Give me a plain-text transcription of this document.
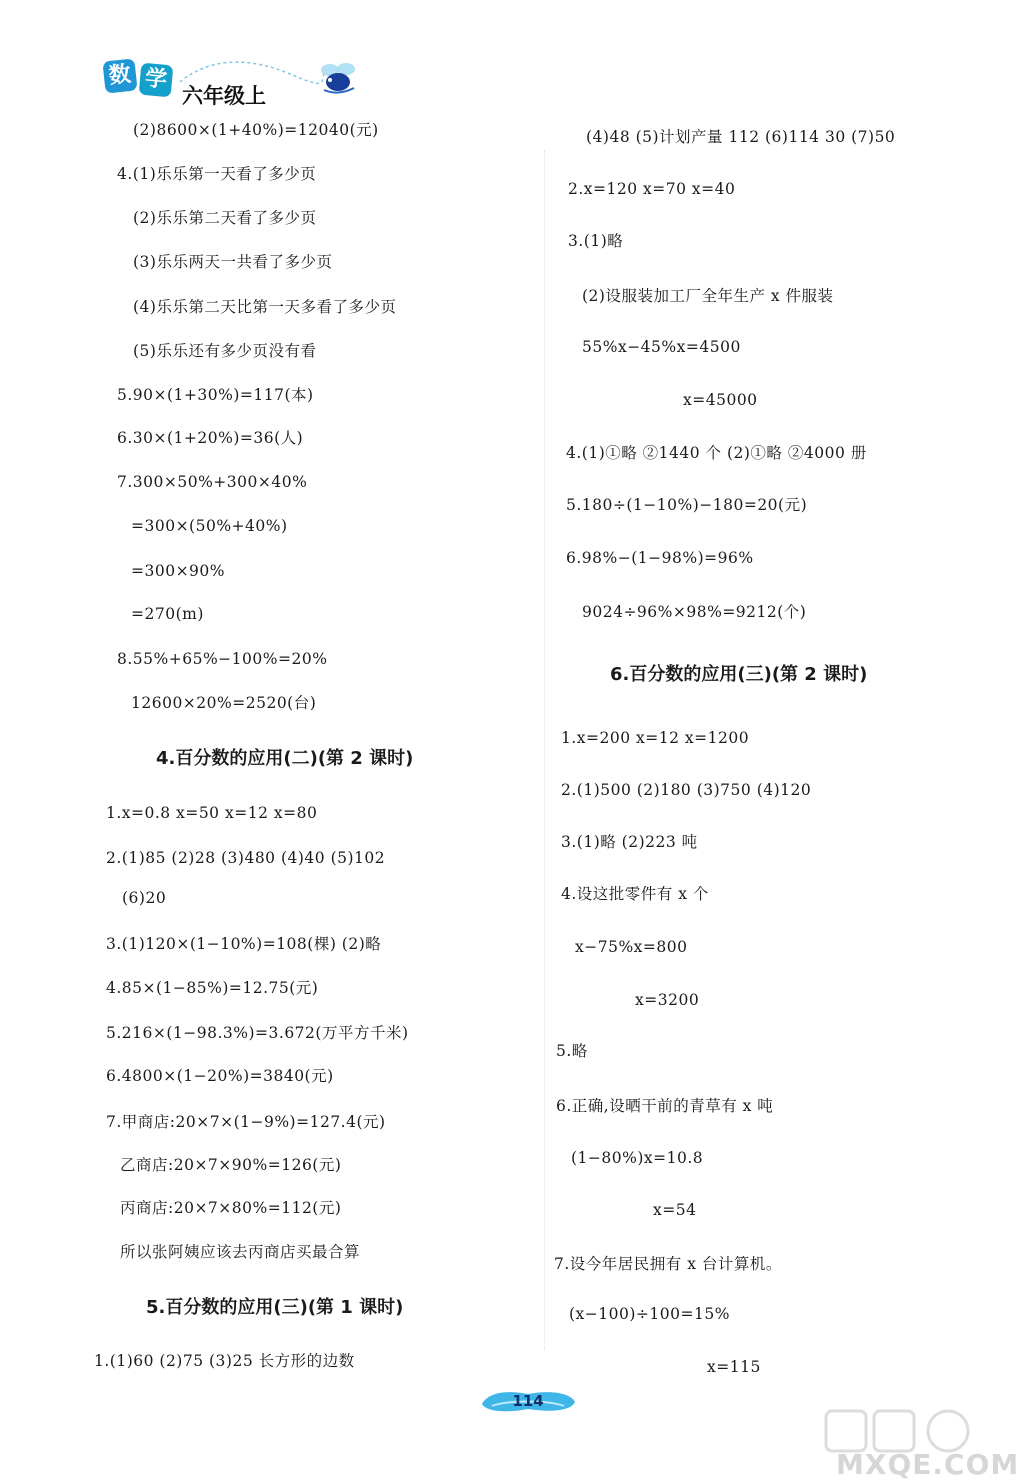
数 学
六年级上
(2)8600×(1+40%)=12040(元)
4.(1)乐乐第一天看了多少页
(2)乐乐第二天看了多少页
(3)乐乐两天一共看了多少页
(4)乐乐第二天比第一天多看了多少页
(5)乐乐还有多少页没有看
5.90×(1+30%)=117(本)
6.30×(1+20%)=36(人)
7.300×50%+300×40%
=300×(50%+40%)
=300×90%
=270(m)
8.55%+65%−100%=20%
12600×20%=2520(台)
4.百分数的应用(二)(第 2 课时)
1.x=0.8 x=50 x=12 x=80
2.(1)85 (2)28 (3)480 (4)40 (5)102
(6)20
3.(1)120×(1−10%)=108(棵) (2)略
4.85×(1−85%)=12.75(元)
5.216×(1−98.3%)=3.672(万平方千米)
6.4800×(1−20%)=3840(元)
7.甲商店:20×7×(1−9%)=127.4(元)
乙商店:20×7×90%=126(元)
丙商店:20×7×80%=112(元)
所以张阿姨应该去丙商店买最合算
5.百分数的应用(三)(第 1 课时)
1.(1)60 (2)75 (3)25 长方形的边数
(4)48 (5)计划产量 112 (6)114 30 (7)50
2.x=120 x=70 x=40
3.(1)略
(2)设服装加工厂全年生产 x 件服装
55%x−45%x=4500
x=45000
4.(1)①略 ②1440 个 (2)①略 ②4000 册
5.180÷(1−10%)−180=20(元)
6.98%−(1−98%)=96%
9024÷96%×98%=9212(个)
6.百分数的应用(三)(第 2 课时)
1.x=200 x=12 x=1200
2.(1)500 (2)180 (3)750 (4)120
3.(1)略 (2)223 吨
4.设这批零件有 x 个
x−75%x=800
x=3200
5.略
6.正确,设晒干前的青草有 x 吨
(1−80%)x=10.8
x=54
7.设今年居民拥有 x 台计算机。
(x−100)÷100=15%
x=115
114
MXQE.COM
